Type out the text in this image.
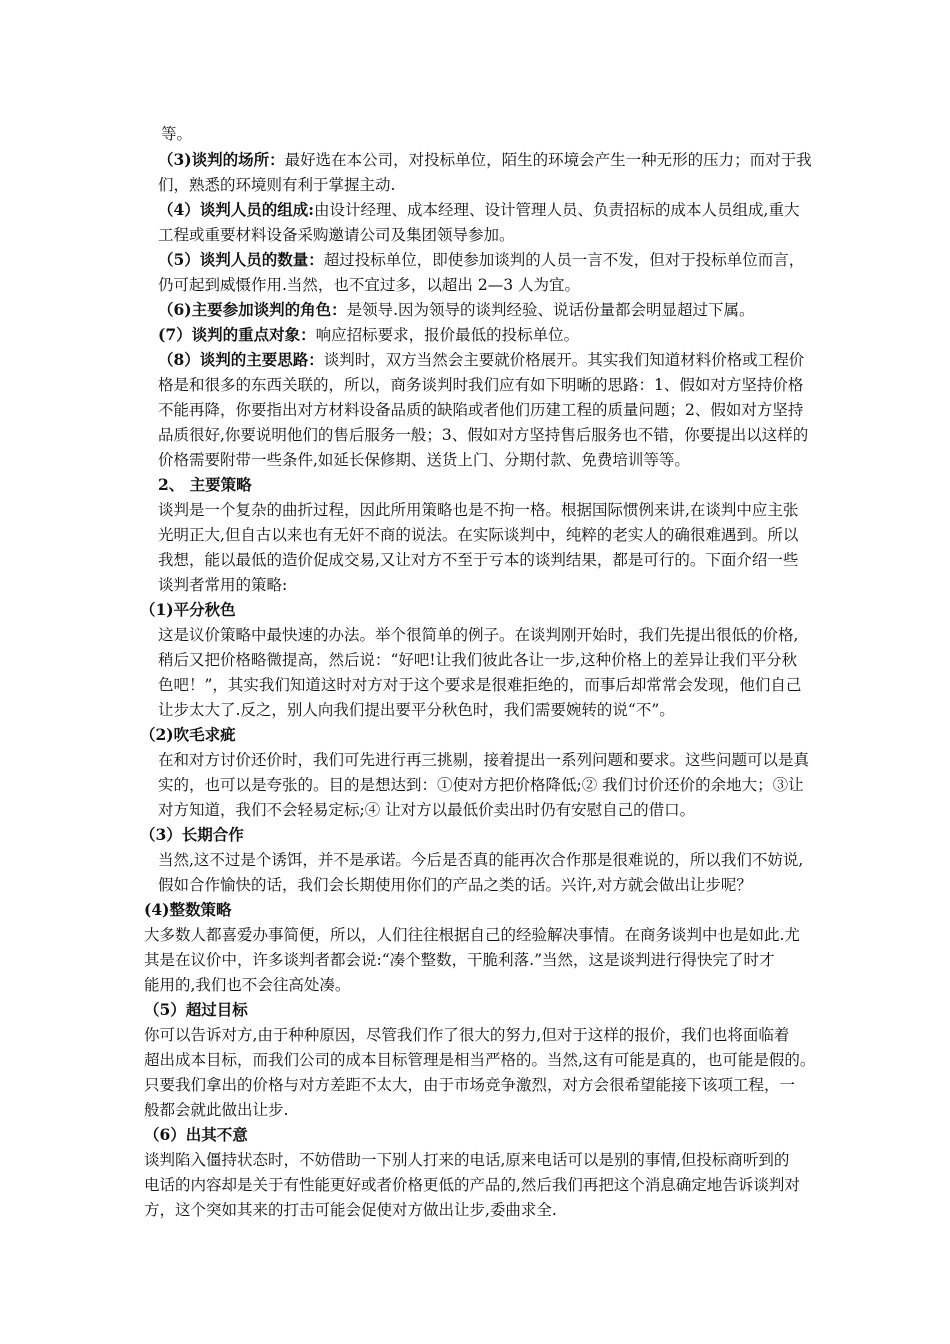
等。
（3)谈判的场所：最好选在本公司，对投标单位，陌生的环境会产生一种无形的压力；而对于我
们，熟悉的环境则有利于掌握主动.
（4）谈判人员的组成:由设计经理、成本经理、设计管理人员、负责招标的成本人员组成,重大
工程或重要材料设备采购邀请公司及集团领导参加。
（5）谈判人员的数量：超过投标单位，即使参加谈判的人员一言不发，但对于投标单位而言，
仍可起到威慑作用.当然，也不宜过多，以超出 2—3 人为宜。
（6)主要参加谈判的角色：是领导.因为领导的谈判经验、说话份量都会明显超过下属。
(7）谈判的重点对象：响应招标要求，报价最低的投标单位。
（8）谈判的主要思路：谈判时，双方当然会主要就价格展开。其实我们知道材料价格或工程价
格是和很多的东西关联的，所以，商务谈判时我们应有如下明晰的思路：1、假如对方坚持价格
不能再降，你要指出对方材料设备品质的缺陷或者他们历建工程的质量问题；2、假如对方坚持
品质很好,你要说明他们的售后服务一般；3、假如对方坚持售后服务也不错，你要提出以这样的
价格需要附带一些条件,如延长保修期、送货上门、分期付款、免费培训等等。
2、 主要策略
谈判是一个复杂的曲折过程，因此所用策略也是不拘一格。根据国际惯例来讲,在谈判中应主张
光明正大,但自古以来也有无奸不商的说法。在实际谈判中，纯粹的老实人的确很难遇到。所以
我想，能以最低的造价促成交易,又让对方不至于亏本的谈判结果，都是可行的。下面介绍一些
谈判者常用的策略:
（1)平分秋色
这是议价策略中最快速的办法。举个很简单的例子。在谈判刚开始时，我们先提出很低的价格,
稍后又把价格略微提高，然后说：“好吧!让我们彼此各让一步,这种价格上的差异让我们平分秋
色吧！”，其实我们知道这时对方对于这个要求是很难拒绝的，而事后却常常会发现，他们自己
让步太大了.反之，别人向我们提出要平分秋色时，我们需要婉转的说“不”。
（2)吹毛求疵
在和对方讨价还价时，我们可先进行再三挑剔，接着提出一系列问题和要求。这些问题可以是真
实的，也可以是夸张的。目的是想达到：①使对方把价格降低;② 我们讨价还价的余地大；③让
对方知道，我们不会轻易定标;④ 让对方以最低价卖出时仍有安慰自己的借口。
（3）长期合作
当然,这不过是个诱饵，并不是承诺。今后是否真的能再次合作那是很难说的，所以我们不妨说,
假如合作愉快的话，我们会长期使用你们的产品之类的话。兴许,对方就会做出让步呢？
(4)整数策略
大多数人都喜爱办事简便，所以，人们往往根据自己的经验解决事情。在商务谈判中也是如此.尤
其是在议价中，许多谈判者都会说:“凑个整数，干脆利落.”当然，这是谈判进行得快完了时才
能用的,我们也不会往高处凑。
（5）超过目标
你可以告诉对方,由于种种原因，尽管我们作了很大的努力,但对于这样的报价，我们也将面临着
超出成本目标，而我们公司的成本目标管理是相当严格的。当然,这有可能是真的，也可能是假的。
只要我们拿出的价格与对方差距不太大，由于市场竞争激烈，对方会很希望能接下该项工程，一
般都会就此做出让步.
（6）出其不意
谈判陷入僵持状态时，不妨借助一下别人打来的电话,原来电话可以是别的事情,但投标商听到的
电话的内容却是关于有性能更好或者价格更低的产品的,然后我们再把这个消息确定地告诉谈判对
方，这个突如其来的打击可能会促使对方做出让步,委曲求全.
